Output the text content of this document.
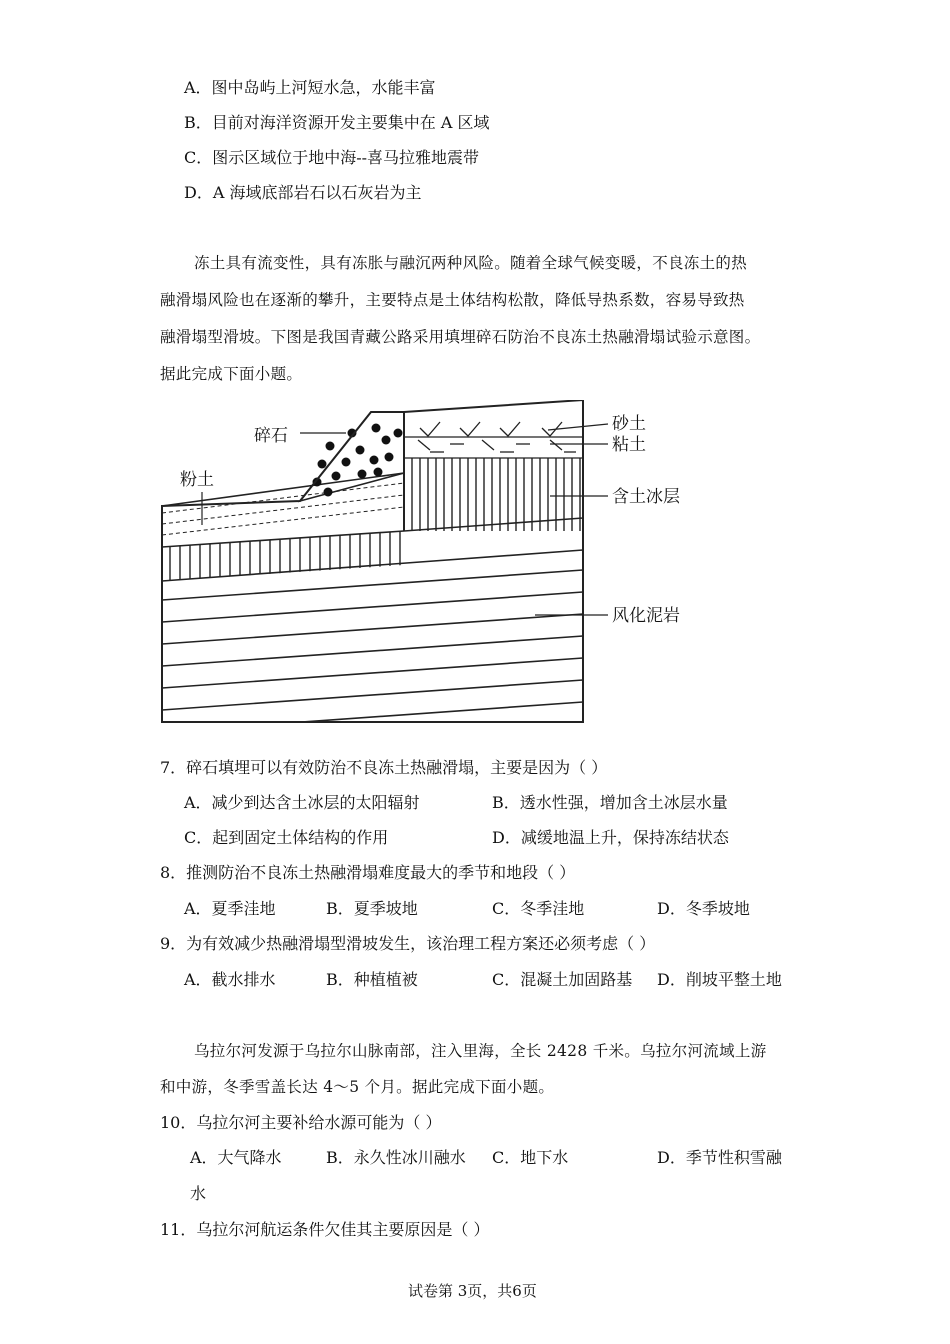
A．图中岛屿上河短水急，水能丰富
B．目前对海洋资源开发主要集中在 A 区域
C．图示区域位于地中海--喜马拉雅地震带
D．A 海域底部岩石以石灰岩为主
冻土具有流变性，具有冻胀与融沉两种风险。随着全球气候变暖，不良冻土的热
融滑塌风险也在逐渐的攀升，主要特点是土体结构松散，降低导热系数，容易导致热
融滑塌型滑坡。下图是我国青藏公路采用填埋碎石防治不良冻土热融滑塌试验示意图。
据此完成下面小题。
碎石
粉土
砂土
粘土
含土冰层
风化泥岩
7．碎石填埋可以有效防治不良冻土热融滑塌，主要是因为（ ）
A．减少到达含土冰层的太阳辐射	B．透水性强，增加含土冰层水量
C．起到固定土体结构的作用	D．减缓地温上升，保持冻结状态
8．推测防治不良冻土热融滑塌难度最大的季节和地段（ ）
A．夏季洼地	B．夏季坡地	C．冬季洼地	D．冬季坡地
9．为有效减少热融滑塌型滑坡发生，该治理工程方案还必须考虑（ ）
A．截水排水	B．种植植被	C．混凝土加固路基 D．削坡平整土地
乌拉尔河发源于乌拉尔山脉南部，注入里海，全长 2428 千米。乌拉尔河流域上游
和中游，冬季雪盖长达 4～5 个月。据此完成下面小题。
10．乌拉尔河主要补给水源可能为（ ）
A．大气降水	B．永久性冰川融水 C．地下水	D．季节性积雪融
水
11．乌拉尔河航运条件欠佳其主要原因是（ ）
试卷第 3页，共6页
